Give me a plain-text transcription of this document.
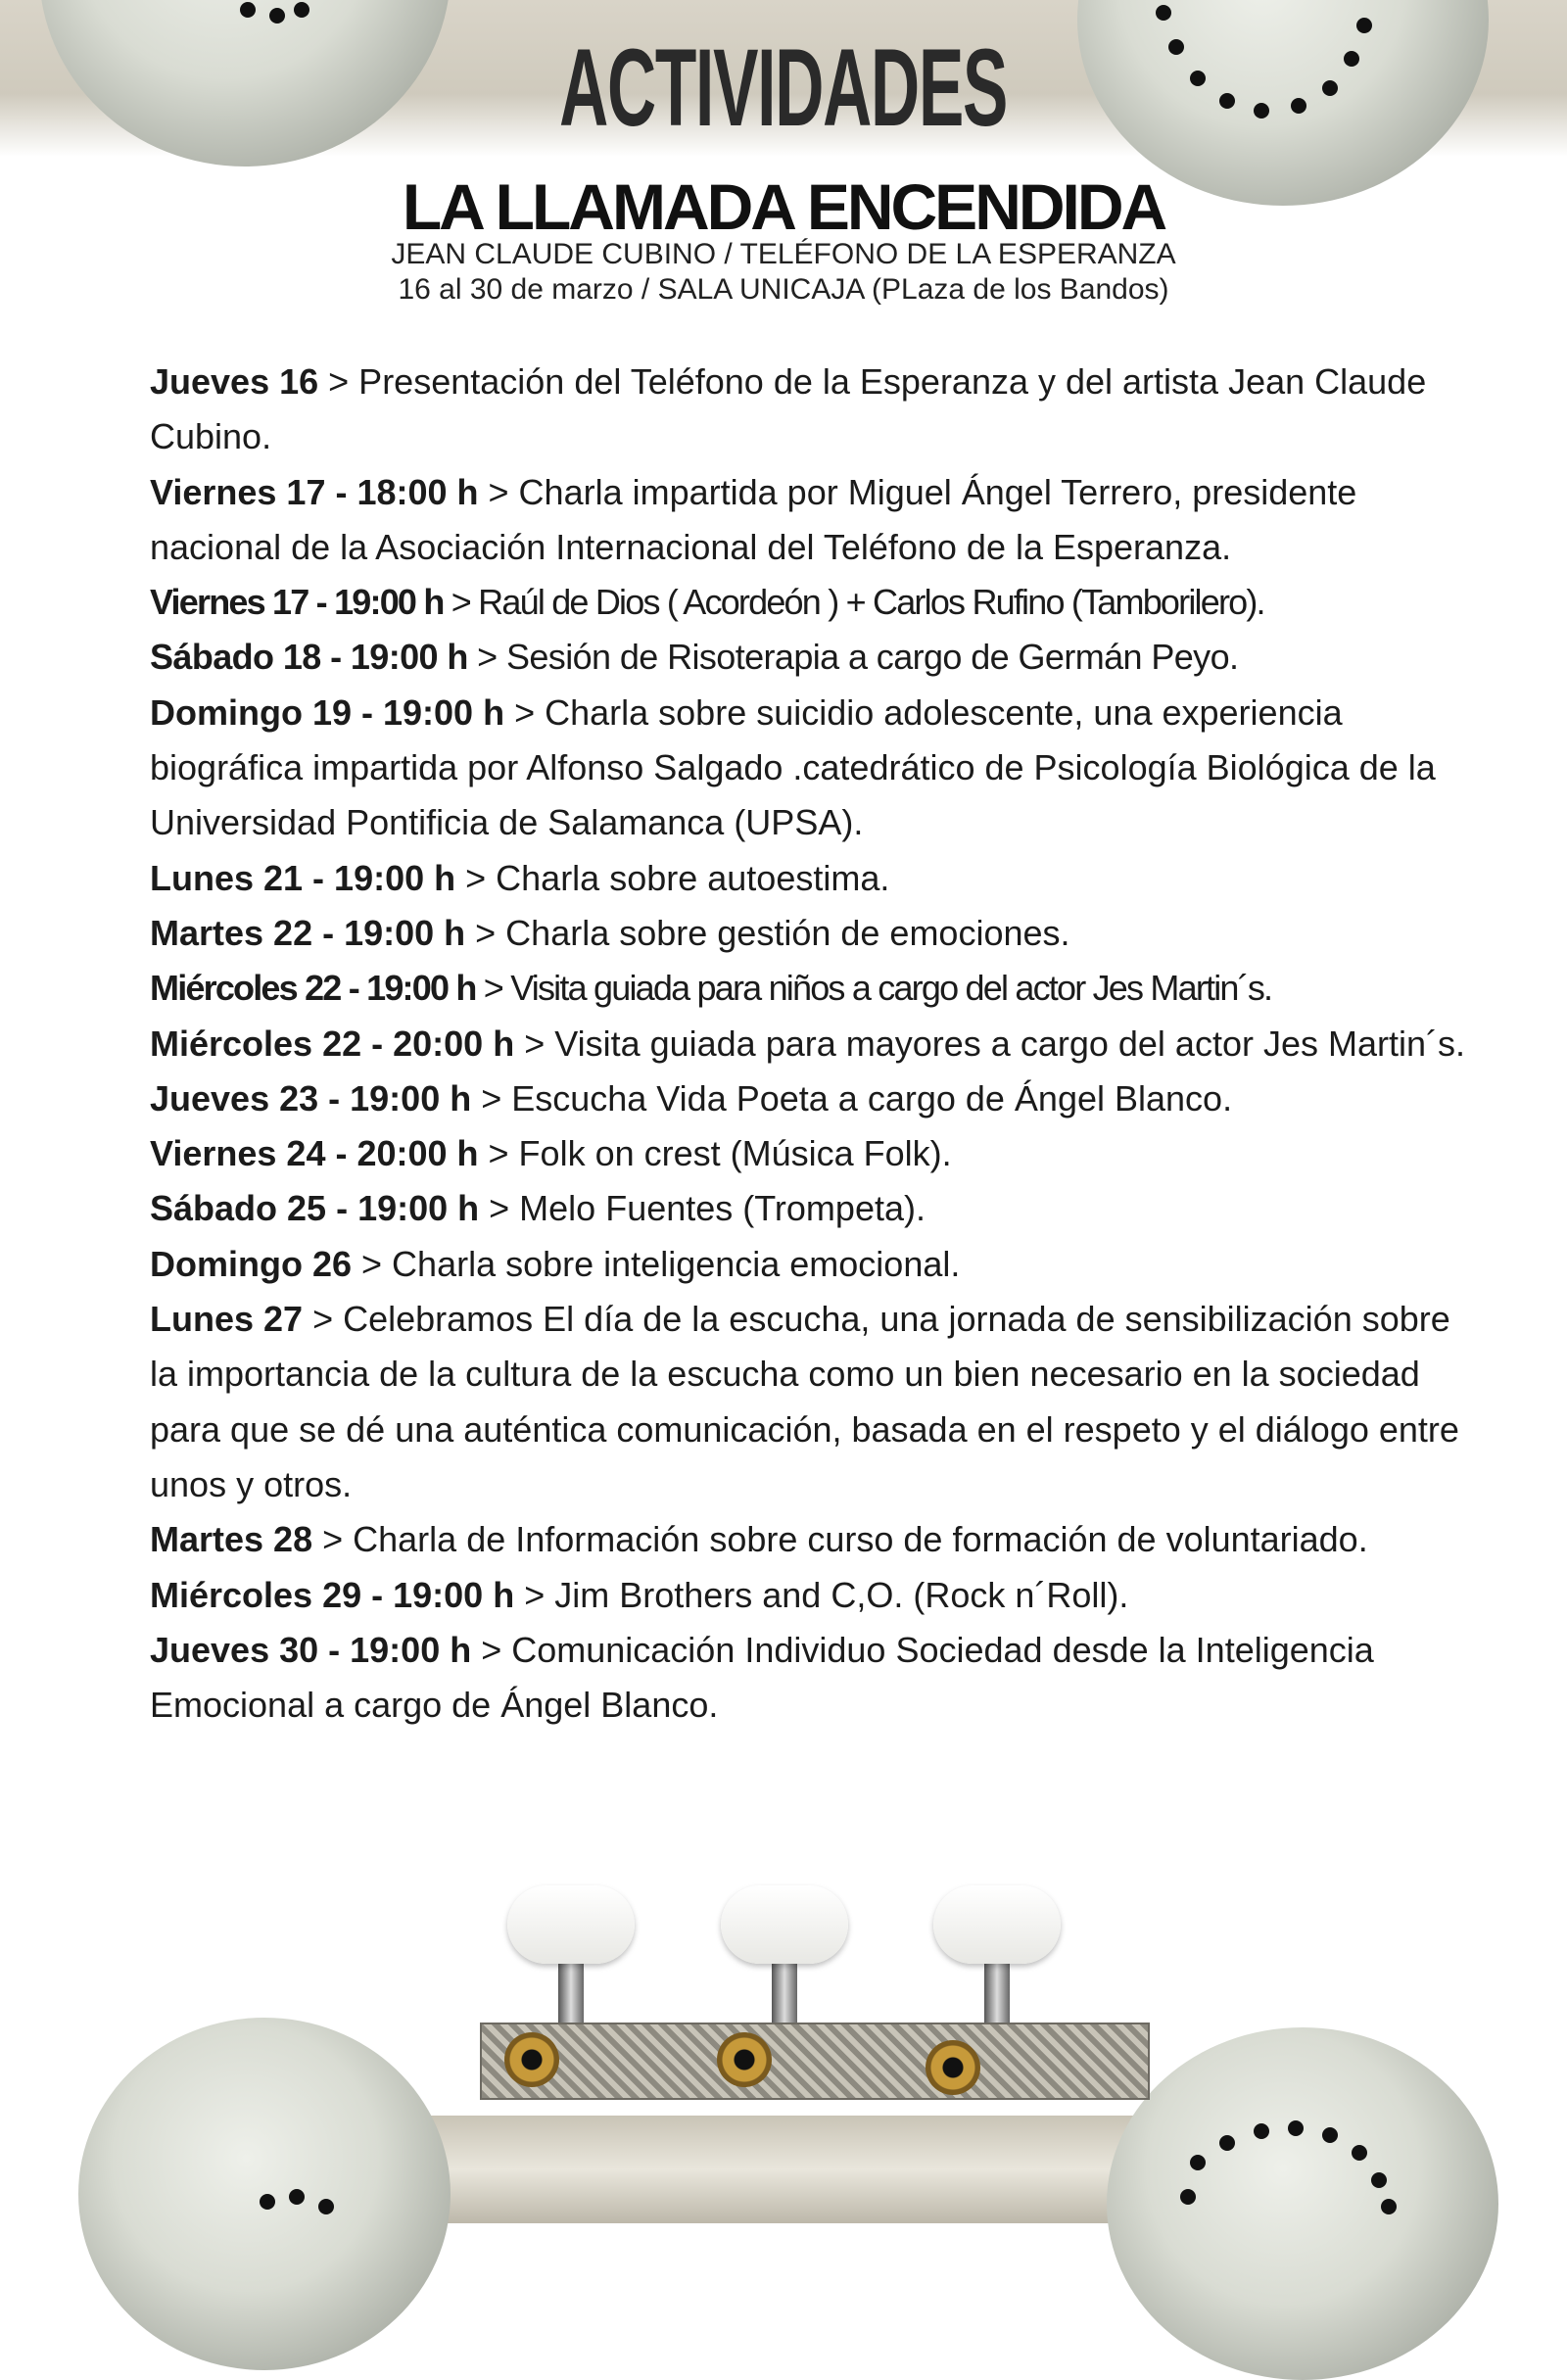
ACTIVIDADES
LA LLAMADA ENCENDIDA
JEAN CLAUDE CUBINO / TELÉFONO DE LA ESPERANZA
16 al 30 de marzo / SALA UNICAJA (PLaza de los Bandos)

Jueves 16 > Presentación del Teléfono de la Esperanza y del artista Jean Claude Cubino.

Viernes 17 - 18:00 h > Charla impartida por Miguel Ángel Terrero, presidente nacional de la Asociación Internacional del Teléfono de la Esperanza.

Viernes 17 - 19:00 h > Raúl de Dios ( Acordeón ) + Carlos Rufino (Tamborilero).

Sábado 18 - 19:00 h > Sesión de Risoterapia a cargo de Germán Peyo.

Domingo 19 - 19:00 h > Charla sobre suicidio adolescente, una experiencia biográfica impartida por Alfonso Salgado .catedrático de Psicología Biológica de la Universidad Pontificia de Salamanca (UPSA).

Lunes 21 - 19:00 h > Charla sobre autoestima.

Martes 22 - 19:00 h > Charla sobre gestión de emociones.

Miércoles 22 - 19:00 h > Visita guiada para niños a cargo del actor Jes Martin´s.

Miércoles 22 - 20:00 h > Visita guiada para mayores a cargo del actor Jes Martin´s.

Jueves 23 - 19:00 h > Escucha Vida Poeta a cargo de Ángel Blanco.

Viernes 24 - 20:00 h > Folk on crest (Música Folk).

Sábado 25 - 19:00 h > Melo Fuentes (Trompeta).

Domingo 26 > Charla sobre inteligencia emocional.

Lunes 27 > Celebramos El día de la escucha, una jornada de sensibilización sobre la importancia de la cultura de la escucha como un bien necesario en la sociedad para que se dé una auténtica comunicación, basada en el respeto y el diálogo entre unos y otros.

Martes 28 > Charla de Información sobre curso de formación de voluntariado.

Miércoles 29 - 19:00 h > Jim Brothers and C,O. (Rock n´Roll).

Jueves 30 - 19:00 h > Comunicación Individuo Sociedad desde la Inteligencia Emocional a cargo de Ángel Blanco.
